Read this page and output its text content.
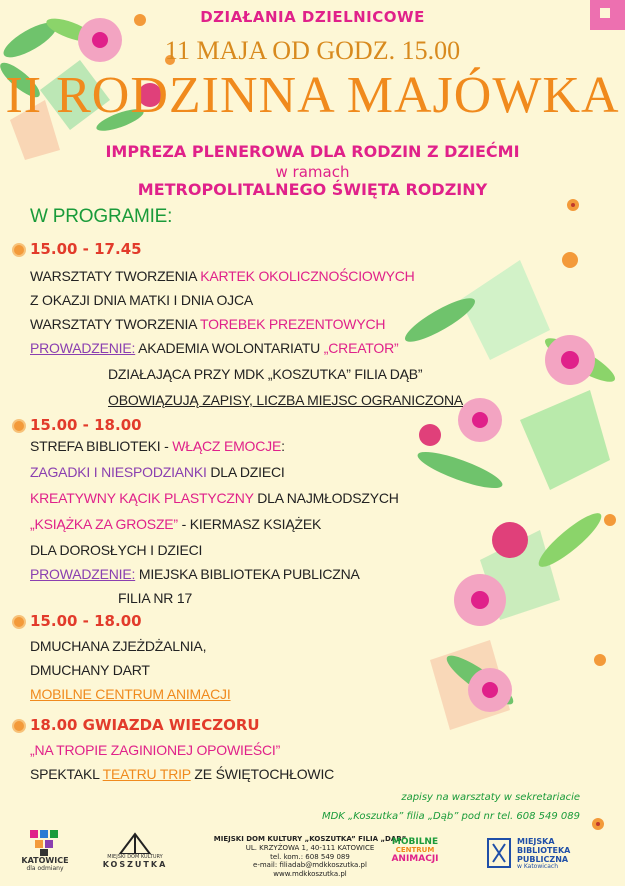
DZIAŁANIA DZIELNICOWE
11 MAJA OD GODZ. 15.00
II RODZINNA MAJÓWKA
IMPREZA PLENEROWA DLA RODZIN Z DZIEĆMI
w ramach
METROPOLITALNEGO ŚWIĘTA RODZINY
W PROGRAMIE:
15.00 - 17.45
WARSZTATY TWORZENIA KARTEK OKOLICZNOŚCIOWYCH
Z OKAZJI DNIA MATKI I DNIA OJCA
WARSZTATY TWORZENIA TOREBEK PREZENTOWYCH
PROWADZENIE: AKADEMIA WOLONTARIATU „CREATOR”
DZIAŁAJĄCA PRZY MDK „KOSZUTKA” FILIA DĄB”
OBOWIĄZUJĄ ZAPISY, LICZBA MIEJSC OGRANICZONA
15.00 - 18.00
STREFA BIBLIOTEKI - WŁĄCZ EMOCJE:
ZAGADKI I NIESPODZIANKI DLA DZIECI
KREATYWNY KĄCIK PLASTYCZNY DLA NAJMŁODSZYCH
„KSIĄŻKA ZA GROSZE” - KIERMASZ KSIĄŻEK
DLA DOROSŁYCH I DZIECI
PROWADZENIE: MIEJSKA BIBLIOTEKA PUBLICZNA
FILIA NR 17
15.00 - 18.00
DMUCHANA ZJEŻDŻALNIA,
DMUCHANY DART
MOBILNE CENTRUM ANIMACJI
18.00 GWIAZDA WIECZORU
„NA TROPIE ZAGINIONEJ OPOWIEŚCI”
SPEKTAKL TEATRU TRIP ZE ŚWIĘTOCHŁOWIC
zapisy na warsztaty w sekretariacie
MDK „Koszutka” filia „Dąb” pod nr tel. 608 549 089
KATOWICE
dla odmiany
MIEJSKI DOM KULTURY
KOSZUTKA
MIEJSKI DOM KULTURY „KOSZUTKA” FILIA „DĄB”
UL. KRZYŻOWA 1, 40-111 KATOWICE
tel. kom.: 608 549 089
e-mail: filiadab@mdkkoszutka.pl
www.mdkkoszutka.pl
MOBILNE
CENTRUM
ANIMACJI
MIEJSKA
BIBLIOTEKA
PUBLICZNA
w Katowicach
